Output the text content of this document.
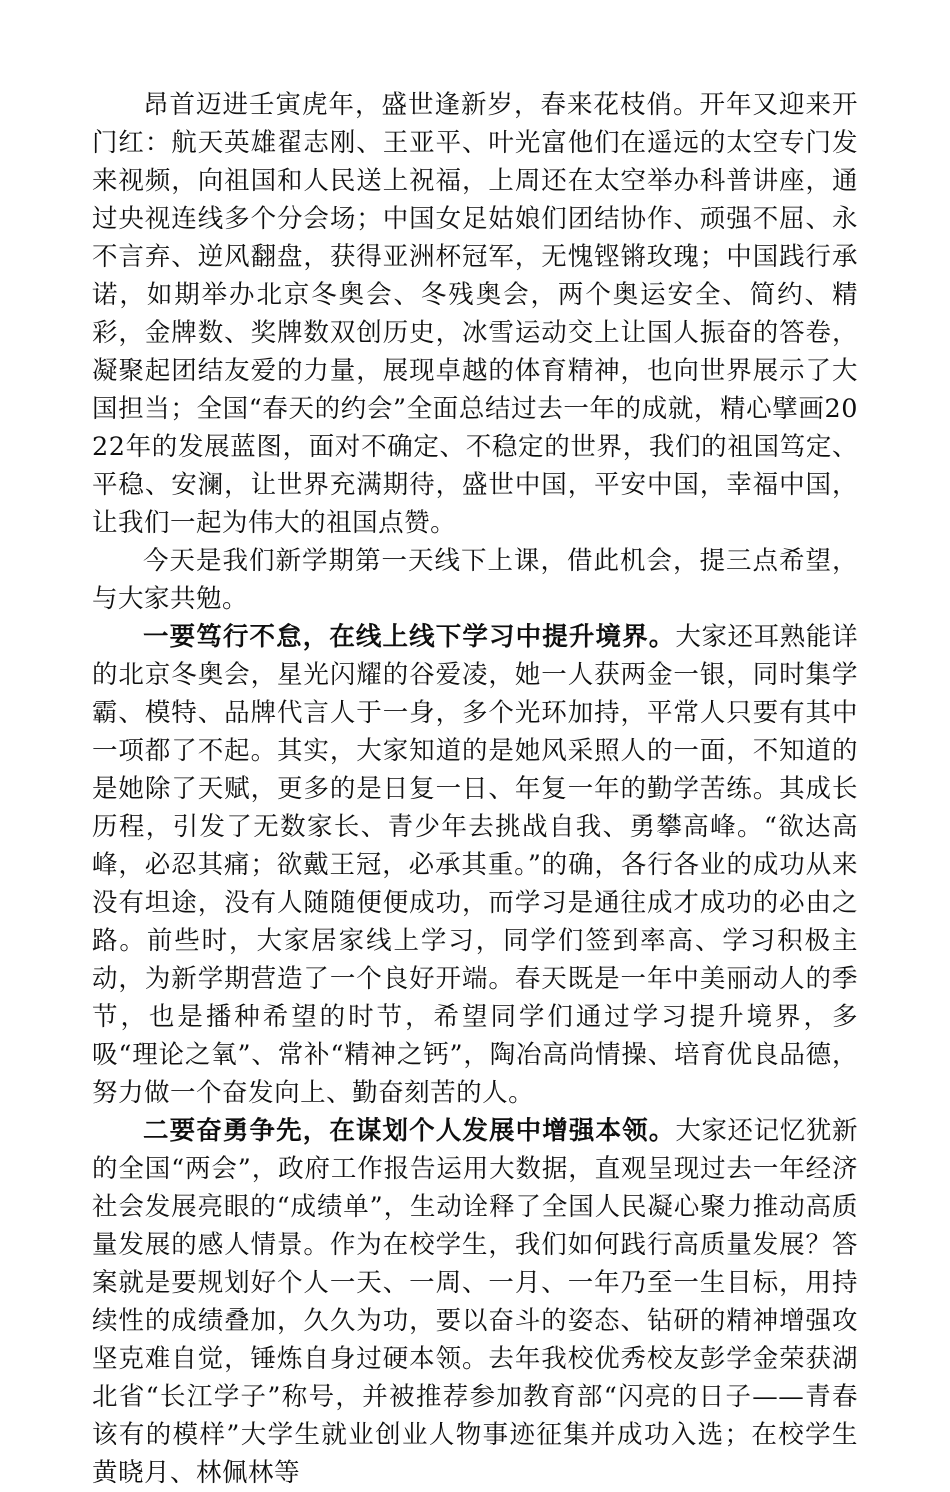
昂首迈进壬寅虎年，盛世逢新岁，春来花枝俏。开年又迎来开门红：航天英雄翟志刚、王亚平、叶光富他们在遥远的太空专门发来视频，向祖国和人民送上祝福，上周还在太空举办科普讲座，通过央视连线多个分会场；中国女足姑娘们团结协作、顽强不屈、永不言弃、逆风翻盘，获得亚洲杯冠军，无愧铿锵玫瑰；中国践行承诺，如期举办北京冬奥会、冬残奥会，两个奥运安全、简约、精彩，金牌数、奖牌数双创历史，冰雪运动交上让国人振奋的答卷，凝聚起团结友爱的力量，展现卓越的体育精神，也向世界展示了大国担当；全国“春天的约会”全面总结过去一年的成就，精心擘画2022年的发展蓝图，面对不确定、不稳定的世界，我们的祖国笃定、平稳、安澜，让世界充满期待，盛世中国，平安中国，幸福中国，让我们一起为伟大的祖国点赞。

今天是我们新学期第一天线下上课，借此机会，提三点希望，与大家共勉。

一要笃行不怠，在线上线下学习中提升境界。大家还耳熟能详的北京冬奥会，星光闪耀的谷爱凌，她一人获两金一银，同时集学霸、模特、品牌代言人于一身，多个光环加持，平常人只要有其中一项都了不起。其实，大家知道的是她风采照人的一面，不知道的是她除了天赋，更多的是日复一日、年复一年的勤学苦练。其成长历程，引发了无数家长、青少年去挑战自我、勇攀高峰。“欲达高峰，必忍其痛；欲戴王冠，必承其重。”的确，各行各业的成功从来没有坦途，没有人随随便便成功，而学习是通往成才成功的必由之路。前些时，大家居家线上学习，同学们签到率高、学习积极主动，为新学期营造了一个良好开端。春天既是一年中美丽动人的季节，也是播种希望的时节，希望同学们通过学习提升境界，多吸“理论之氧”、常补“精神之钙”，陶冶高尚情操、培育优良品德，努力做一个奋发向上、勤奋刻苦的人。

二要奋勇争先，在谋划个人发展中增强本领。大家还记忆犹新的全国“两会”，政府工作报告运用大数据，直观呈现过去一年经济社会发展亮眼的“成绩单”，生动诠释了全国人民凝心聚力推动高质量发展的感人情景。作为在校学生，我们如何践行高质量发展？答案就是要规划好个人一天、一周、一月、一年乃至一生目标，用持续性的成绩叠加，久久为功，要以奋斗的姿态、钻研的精神增强攻坚克难自觉，锤炼自身过硬本领。去年我校优秀校友彭学金荣获湖北省“长江学子”称号，并被推荐参加教育部“闪亮的日子——青春该有的模样”大学生就业创业人物事迹征集并成功入选；在校学生黄晓月、林佩林等
